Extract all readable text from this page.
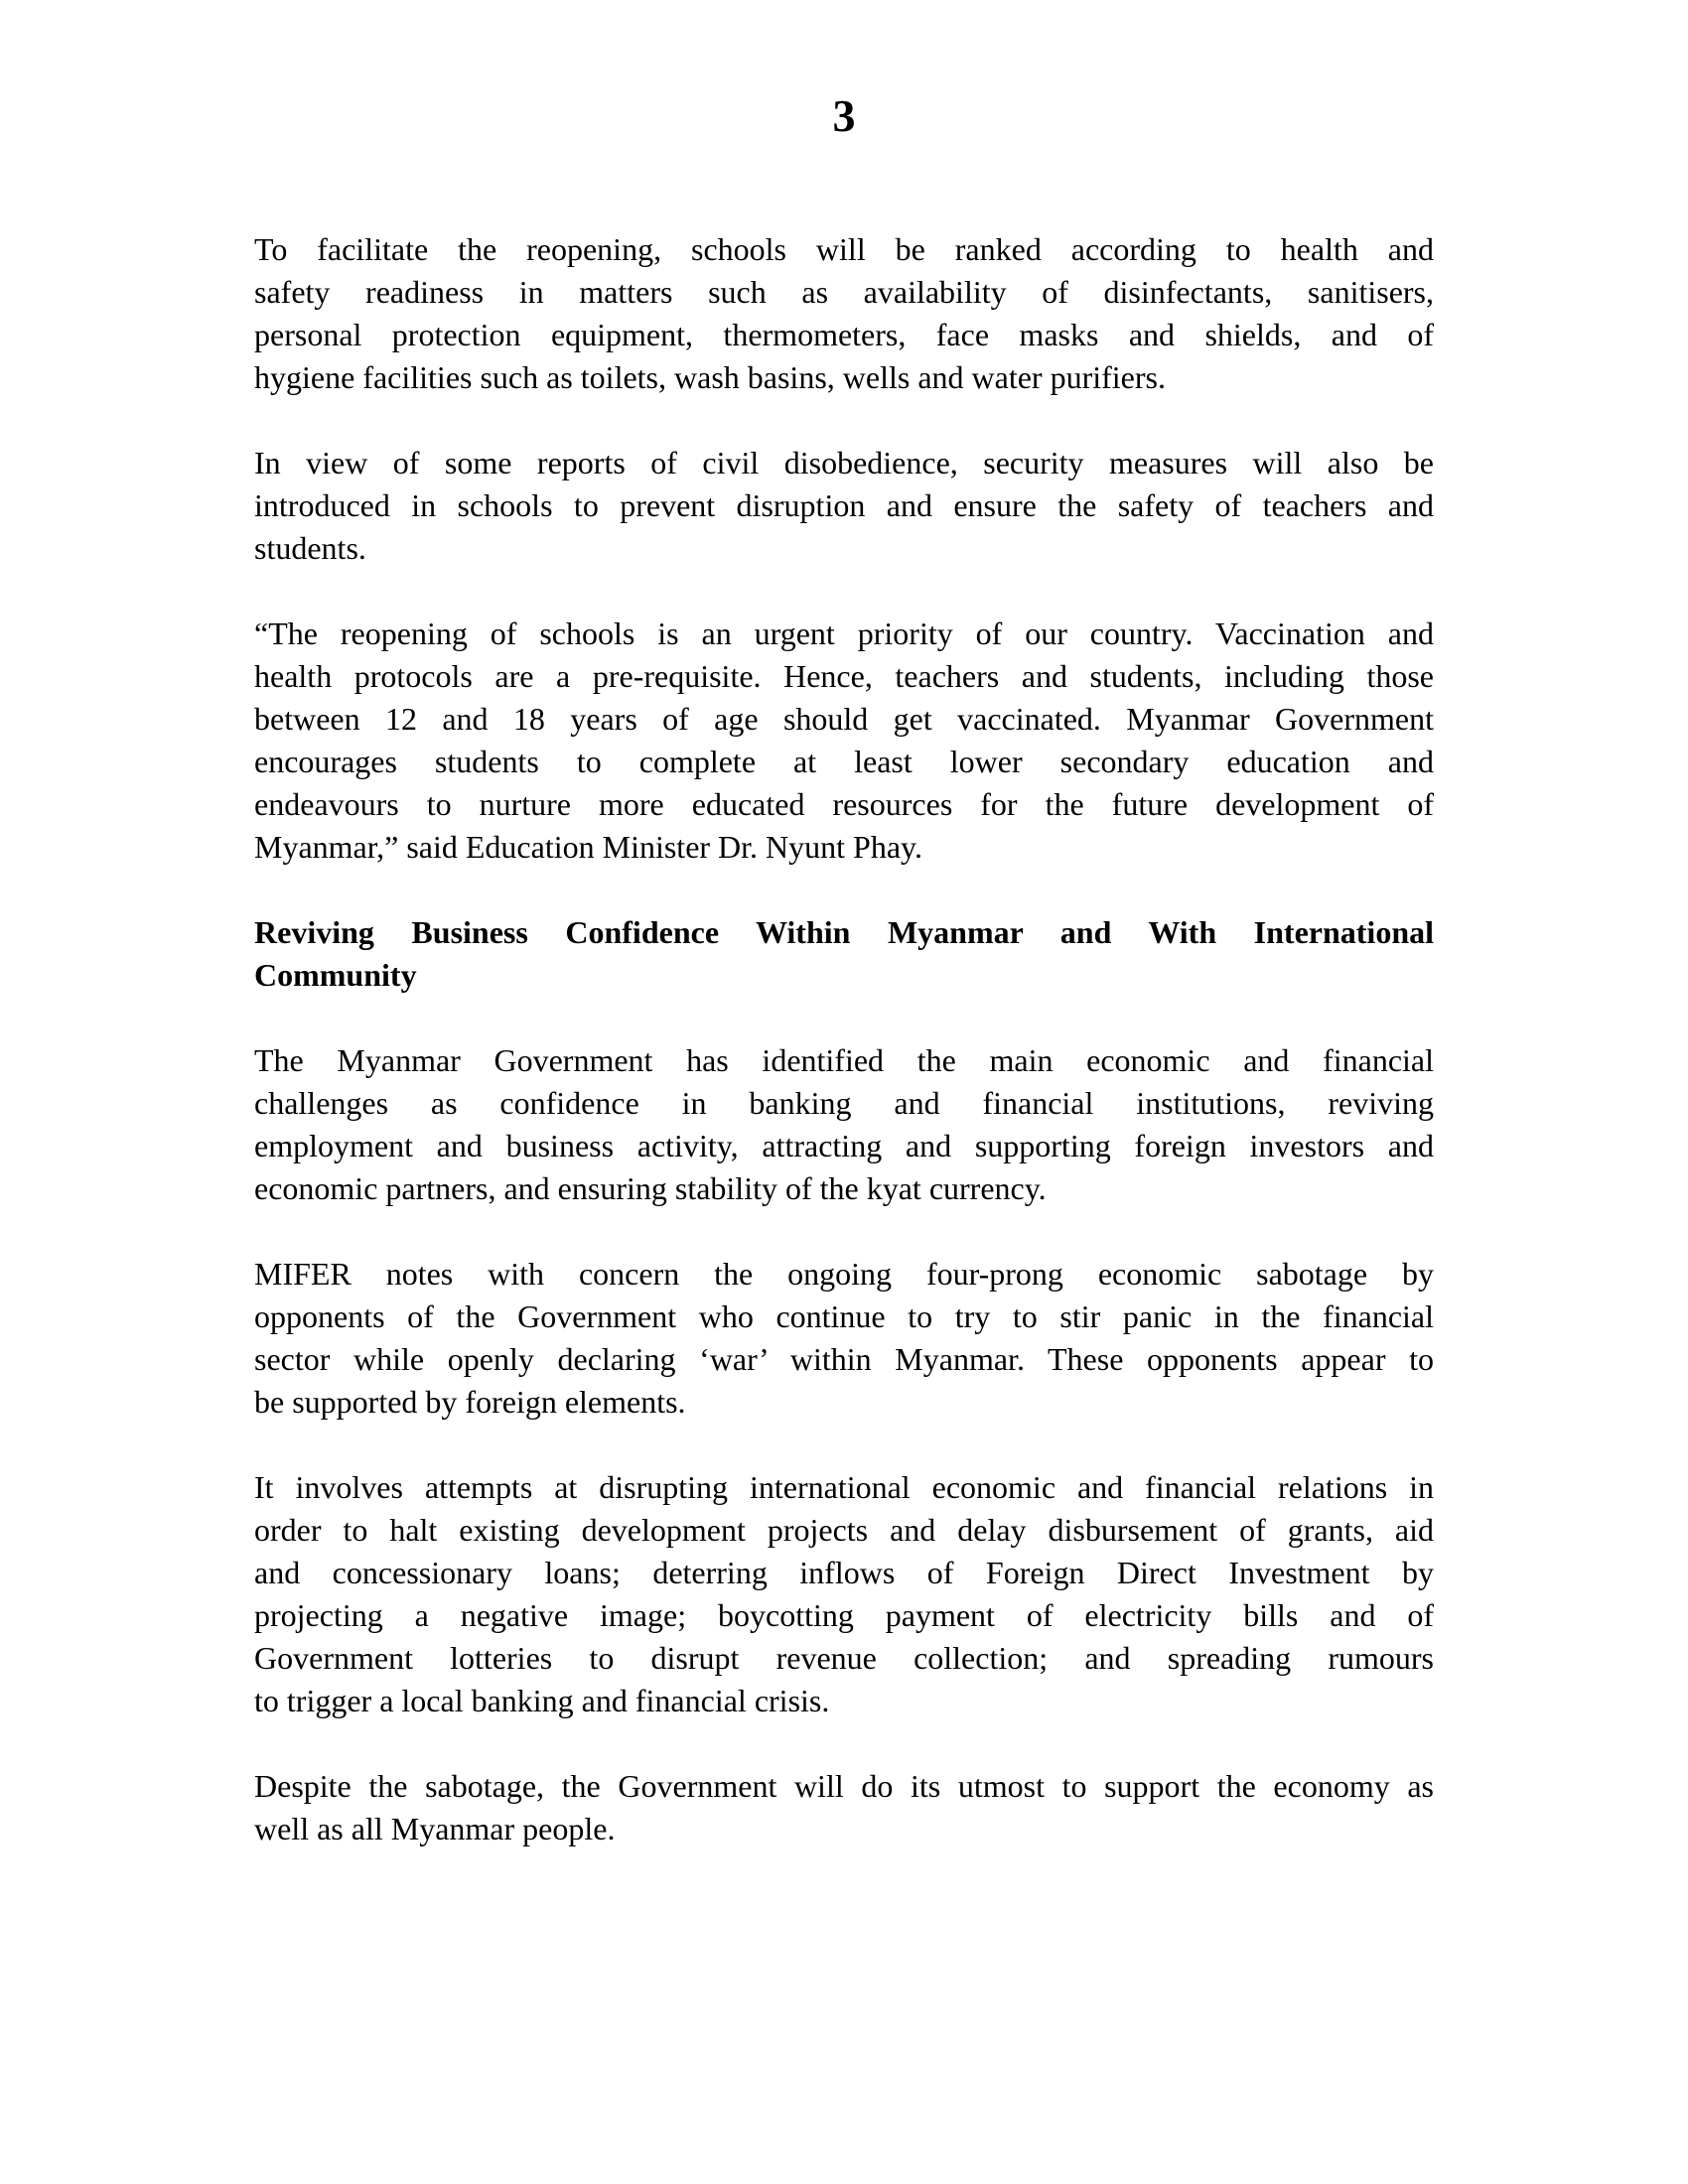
3
To facilitate the reopening, schools will be ranked according to health and
safety readiness in matters such as availability of disinfectants, sanitisers,
personal protection equipment, thermometers, face masks and shields, and of
hygiene facilities such as toilets, wash basins, wells and water purifiers.
In view of some reports of civil disobedience, security measures will also be
introduced in schools to prevent disruption and ensure the safety of teachers and
students.
“The reopening of schools is an urgent priority of our country. Vaccination and
health protocols are a pre-requisite. Hence, teachers and students, including those
between 12 and 18 years of age should get vaccinated. Myanmar Government
encourages students to complete at least lower secondary education and
endeavours to nurture more educated resources for the future development of
Myanmar,” said Education Minister Dr. Nyunt Phay.
Reviving Business Confidence Within Myanmar and With International
Community
The Myanmar Government has identified the main economic and financial
challenges as confidence in banking and financial institutions, reviving
employment and business activity, attracting and supporting foreign investors and
economic partners, and ensuring stability of the kyat currency.
MIFER notes with concern the ongoing four-prong economic sabotage by
opponents of the Government who continue to try to stir panic in the financial
sector while openly declaring ‘war’ within Myanmar. These opponents appear to
be supported by foreign elements.
It involves attempts at disrupting international economic and financial relations in
order to halt existing development projects and delay disbursement of grants, aid
and concessionary loans; deterring inflows of Foreign Direct Investment by
projecting a negative image; boycotting payment of electricity bills and of
Government lotteries to disrupt revenue collection; and spreading rumours
to trigger a local banking and financial crisis.
Despite the sabotage, the Government will do its utmost to support the economy as
well as all Myanmar people.
